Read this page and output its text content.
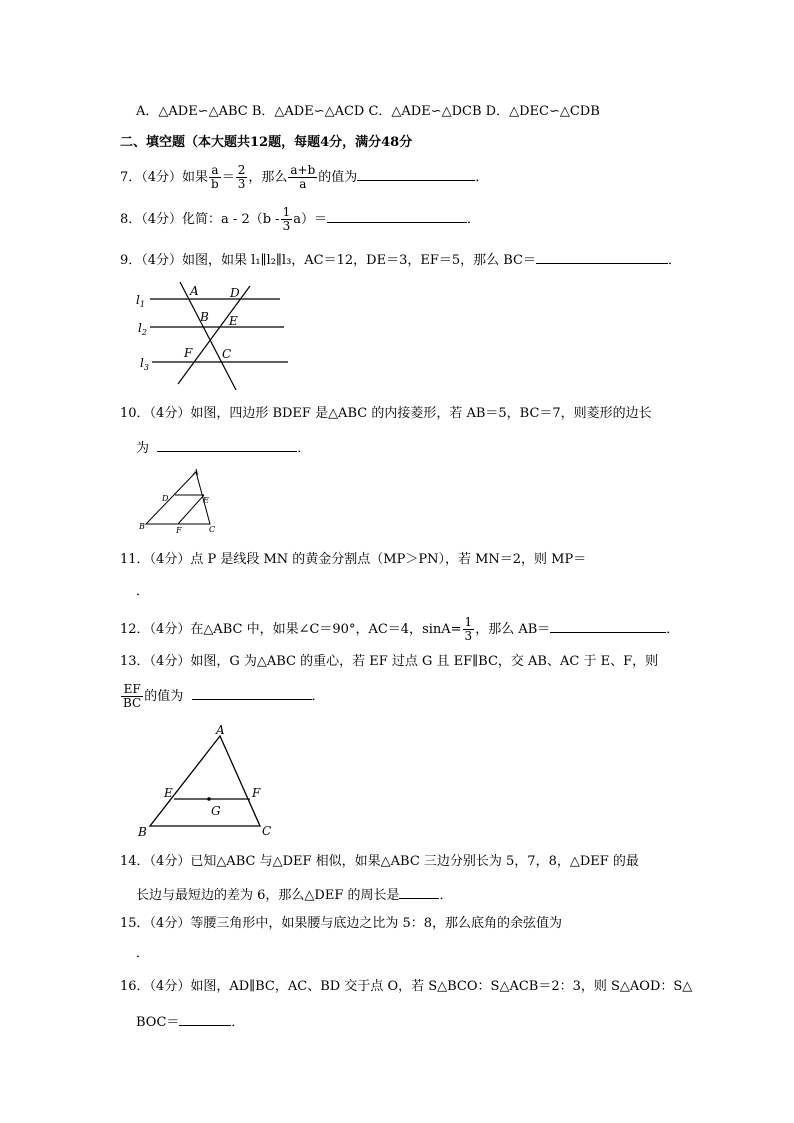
A．△ADE∽△ABC B．△ADE∽△ACD C．△ADE∽△DCB D．△DEC∽△CDB
二、填空题（本大题共12题，每题4分，满分48分
7．（4分）如果 $\frac{a}{b} = \frac{2}{3}$ ，那么 $\frac{a+b}{a}$ 的值为	．
8．（4分）化简：$a - 2(b - \frac{1}{3} a)=$	．
9．（4分）如图，如果 l₁∥l₂∥l₃，AC＝12，DE＝3，EF＝5，那么 BC＝	．
$l_1$
$l_2$
$l_3$
A	D
B E
F C
10．（4分）如图，四边形 BDEF 是△ABC 的内接菱形，若 AB＝5，BC＝7，则菱形的边长
为	．
A
D	E
B	F	C
11．（4分）点 P 是线段 MN 的黄金分割点（MP＞PN），若 MN＝2，则 MP＝
．
12．（4分）在△ABC 中，如果∠C＝90°，AC＝4，$\sin A= \frac{1}{3}$ ，那么 AB＝	．
13．（4分）如图，G 为△ABC 的重心，若 EF 过点 G 且 EF∥BC，交 AB、AC 于 E、F，则
$\frac{EF}{BC}$ 的值为	．
A
E	F
G
B	C
14．（4分）已知△ABC 与△DEF 相似，如果△ABC 三边分别长为 5，7，8，△DEF 的最
长边与最短边的差为 6，那么△DEF 的周长是	．
15．（4分）等腰三角形中，如果腰与底边之比为 5：8，那么底角的余弦值为
．
16．（4分）如图，AD∥BC，AC、BD 交于点 O，若 S△BCO：S△ACB＝2：3，则 S△AOD：S△
BOC＝	．
